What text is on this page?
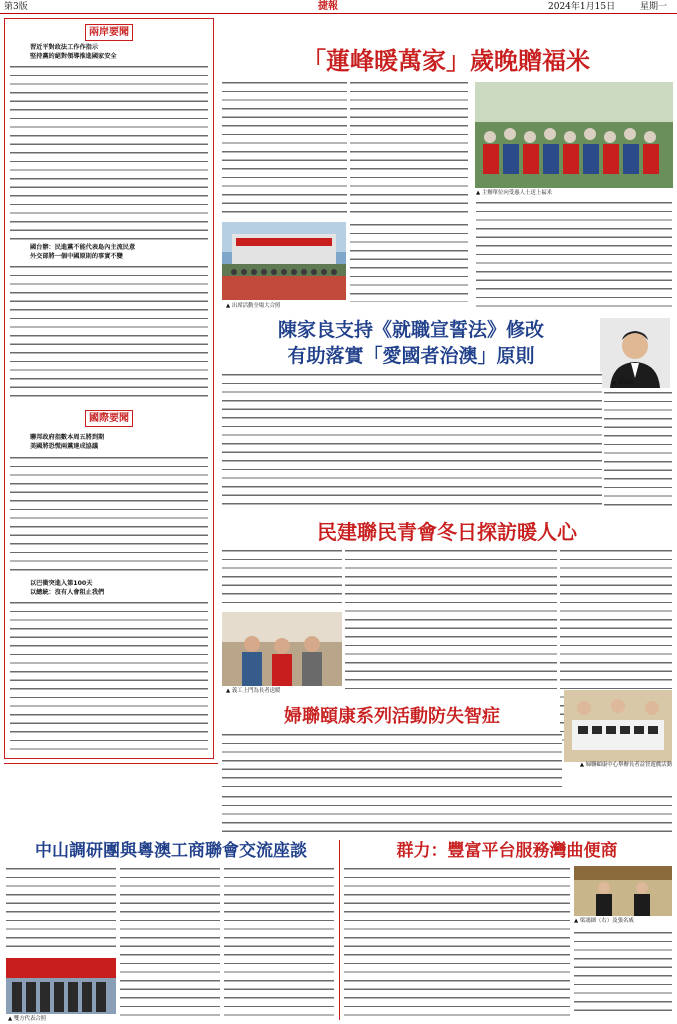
第3版	捷報	2024年1月15日	星期一
兩岸要聞
習近平對政法工作作指示
堅持黨的絕對領導推進國家安全
國台辦：民進黨不能代表島內主流民意
外交部將一個中國原則的事實不變
國際要聞
聯邦政府指數本周五將到期
美國將恐慌兩黨達成協議
以巴衝突進入第100天
以總統：沒有人會阻止我們
「蓮峰暖萬家」歲晚贈福米
▲ 出席活動全場大合照
▲ 主辦單位向受惠人士送上福米
陳家良支持《就職宣誓法》修改
有助落實「愛國者治澳」原則
▲ 陳家良
民建聯民青會冬日探訪暖人心
▲ 義工上門為長者送暖
婦聯頤康系列活動防失智症
▲ 婦聯頤康中心舉辦長者益智遊戲活動
中山調研團與粵澳工商聯會交流座談
▲ 雙方代表合照
群力：豐富平台服務灣曲便商
▲ 梁鴻細（右）及張名威
